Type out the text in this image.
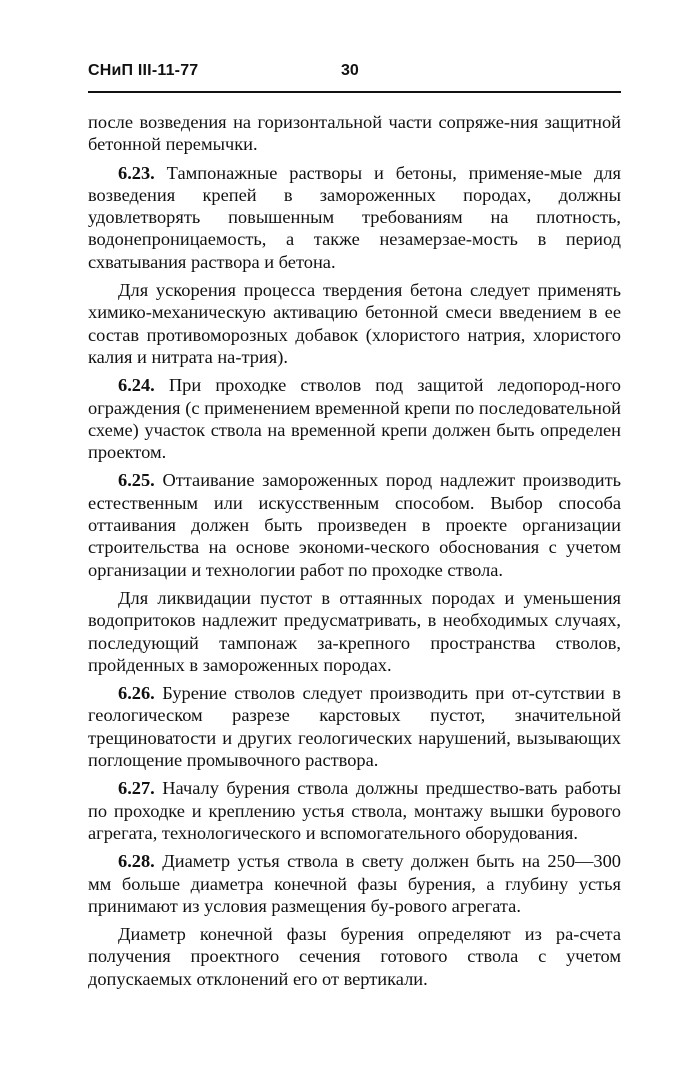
СНиП III-11-77	30

после возведения на горизонтальной части сопряже-ния защитной бетонной перемычки.

6.23. Тампонажные растворы и бетоны, применяе-мые для возведения крепей в замороженных породах, должны удовлетворять повышенным требованиям на плотность, водонепроницаемость, а также незамерзае-мость в период схватывания раствора и бетона.

Для ускорения процесса твердения бетона следует применять химико-механическую активацию бетонной смеси введением в ее состав противоморозных добавок (хлористого натрия, хлористого калия и нитрата на-трия).

6.24. При проходке стволов под защитой ледопород-ного ограждения (с применением временной крепи по последовательной схеме) участок ствола на временной крепи должен быть определен проектом.

6.25. Оттаивание замороженных пород надлежит производить естественным или искусственным способом. Выбор способа оттаивания должен быть произведен в проекте организации строительства на основе экономи-ческого обоснования с учетом организации и технологии работ по проходке ствола.

Для ликвидации пустот в оттаянных породах и уменьшения водопритоков надлежит предусматривать, в необходимых случаях, последующий тампонаж за-крепного пространства стволов, пройденных в замороженных породах.

6.26. Бурение стволов следует производить при от-сутствии в геологическом разрезе карстовых пустот, значительной трещиноватости и других геологических нарушений, вызывающих поглощение промывочного раствора.

6.27. Началу бурения ствола должны предшество-вать работы по проходке и креплению устья ствола, монтажу вышки бурового агрегата, технологического и вспомогательного оборудования.

6.28. Диаметр устья ствола в свету должен быть на 250—300 мм больше диаметра конечной фазы бурения, а глубину устья принимают из условия размещения бу-рового агрегата.

Диаметр конечной фазы бурения определяют из ра-счета получения проектного сечения готового ствола с учетом допускаемых отклонений его от вертикали.
